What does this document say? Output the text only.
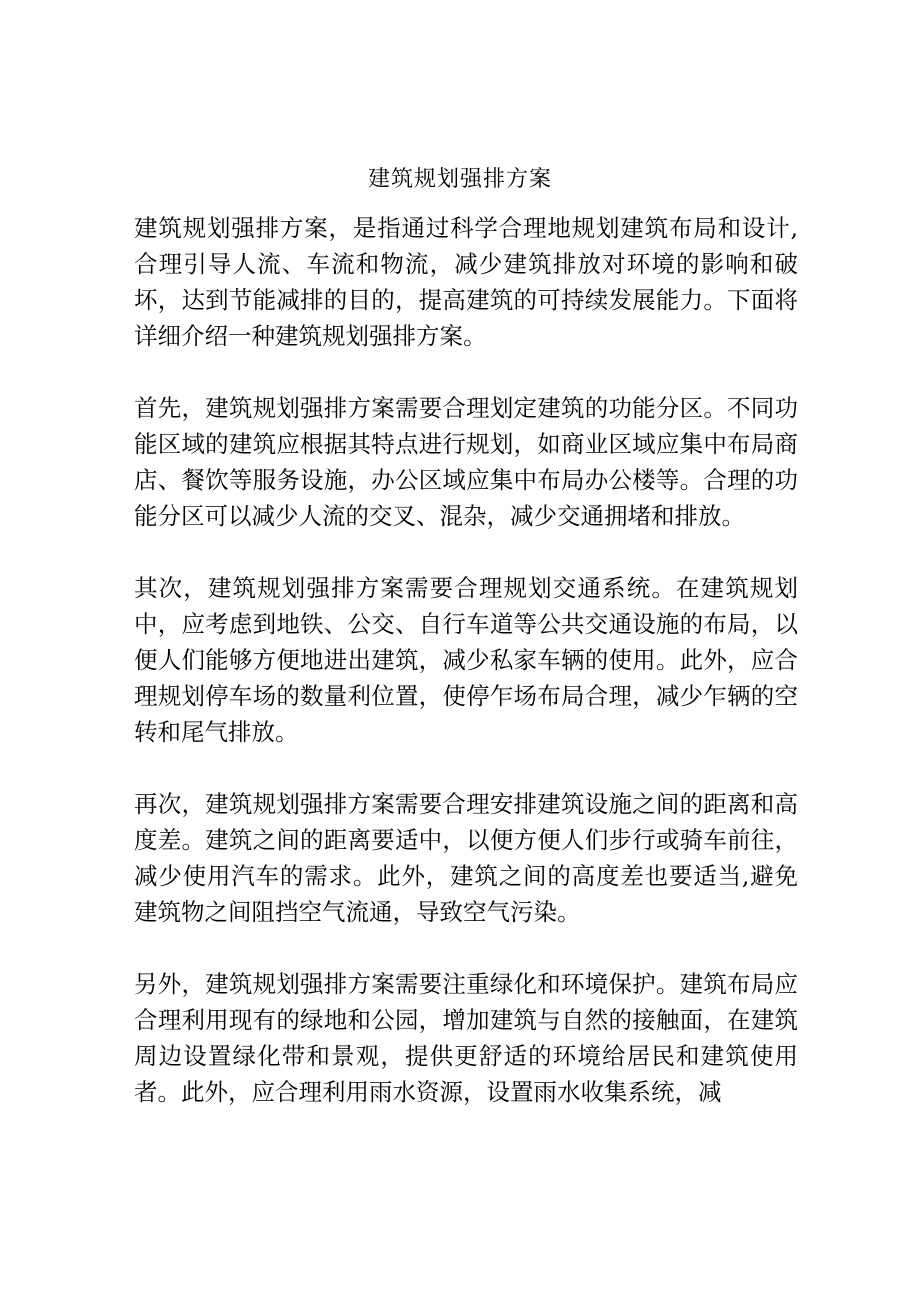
建筑规划强排方案

建筑规划强排方案，是指通过科学合理地规划建筑布局和设计,合理引导人流、车流和物流，减少建筑排放对环境的影响和破坏，达到节能减排的目的，提高建筑的可持续发展能力。下面将详细介绍一种建筑规划强排方案。

首先，建筑规划强排方案需要合理划定建筑的功能分区。不同功能区域的建筑应根据其特点进行规划，如商业区域应集中布局商店、餐饮等服务设施，办公区域应集中布局办公楼等。合理的功能分区可以减少人流的交叉、混杂，减少交通拥堵和排放。

其次，建筑规划强排方案需要合理规划交通系统。在建筑规划中，应考虑到地铁、公交、自行车道等公共交通设施的布局，以便人们能够方便地进出建筑，减少私家车辆的使用。此外，应合理规划停车场的数量利位置，使停乍场布局合理，减少乍辆的空转和尾气排放。

再次，建筑规划强排方案需要合理安排建筑设施之间的距离和高度差。建筑之间的距离要适中，以便方便人们步行或骑车前往，减少使用汽车的需求。此外，建筑之间的高度差也要适当,避免建筑物之间阻挡空气流通，导致空气污染。

另外，建筑规划强排方案需要注重绿化和环境保护。建筑布局应合理利用现有的绿地和公园，增加建筑与自然的接触面，在建筑周边设置绿化带和景观，提供更舒适的环境给居民和建筑使用者。此外，应合理利用雨水资源，设置雨水收集系统，减
